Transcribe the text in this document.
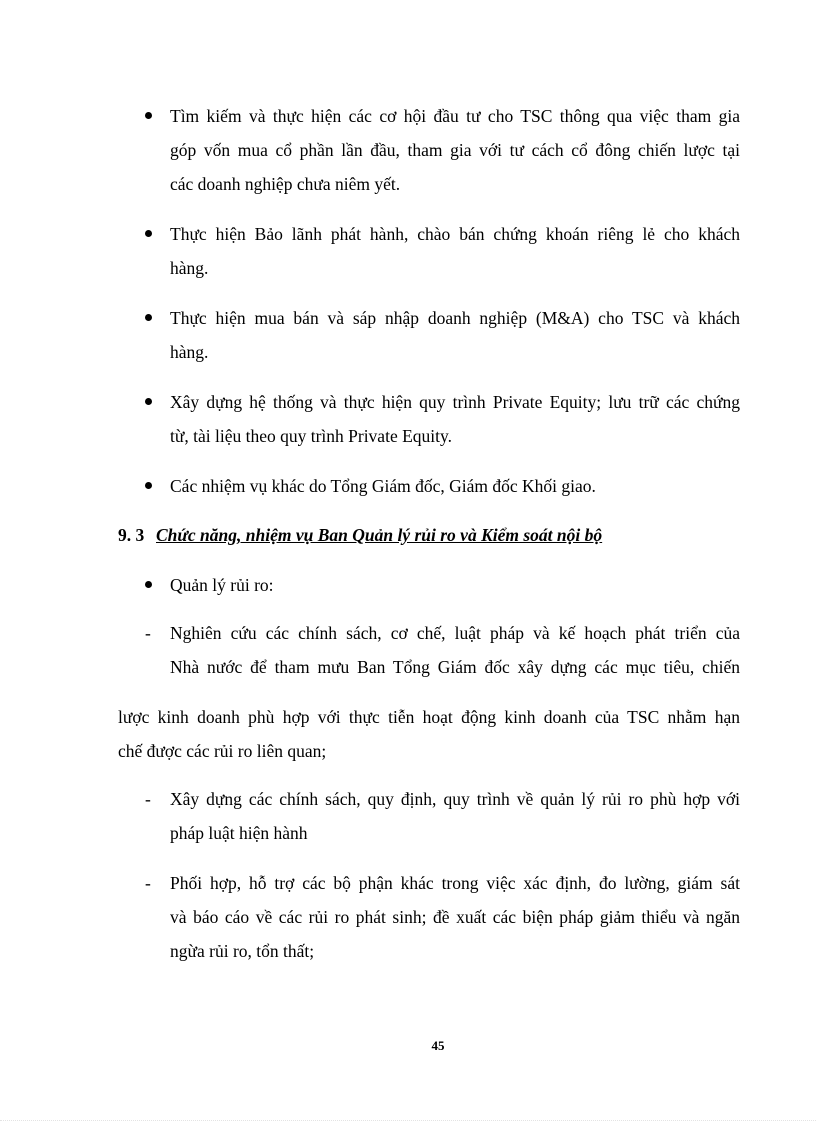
Tìm kiếm và thực hiện các cơ hội đầu tư cho TSC thông qua việc tham gia
góp vốn mua cổ phần lần đầu, tham gia với tư cách cổ đông chiến lược tại
các doanh nghiệp chưa niêm yết.
Thực hiện Bảo lãnh phát hành, chào bán chứng khoán riêng lẻ cho khách
hàng.
Thực hiện mua bán và sáp nhập doanh nghiệp (M&A) cho TSC và khách
hàng.
Xây dựng hệ thống và thực hiện quy trình Private Equity; lưu trữ các chứng
từ, tài liệu theo quy trình Private Equity.
Các nhiệm vụ khác do Tổng Giám đốc, Giám đốc Khối giao.
9. 3 Chức năng, nhiệm vụ Ban Quản lý rủi ro và Kiểm soát nội bộ
Quản lý rủi ro:
- Nghiên cứu các chính sách, cơ chế, luật pháp và kế hoạch phát triển của
Nhà nước để tham mưu Ban Tổng Giám đốc xây dựng các mục tiêu, chiến
lược kinh doanh phù hợp với thực tiễn hoạt động kinh doanh của TSC nhằm hạn
chế được các rủi ro liên quan;
- Xây dựng các chính sách, quy định, quy trình về quản lý rủi ro phù hợp với
pháp luật hiện hành
- Phối hợp, hỗ trợ các bộ phận khác trong việc xác định, đo lường, giám sát
và báo cáo về các rủi ro phát sinh; đề xuất các biện pháp giảm thiểu và ngăn
ngừa rủi ro, tổn thất;
45
